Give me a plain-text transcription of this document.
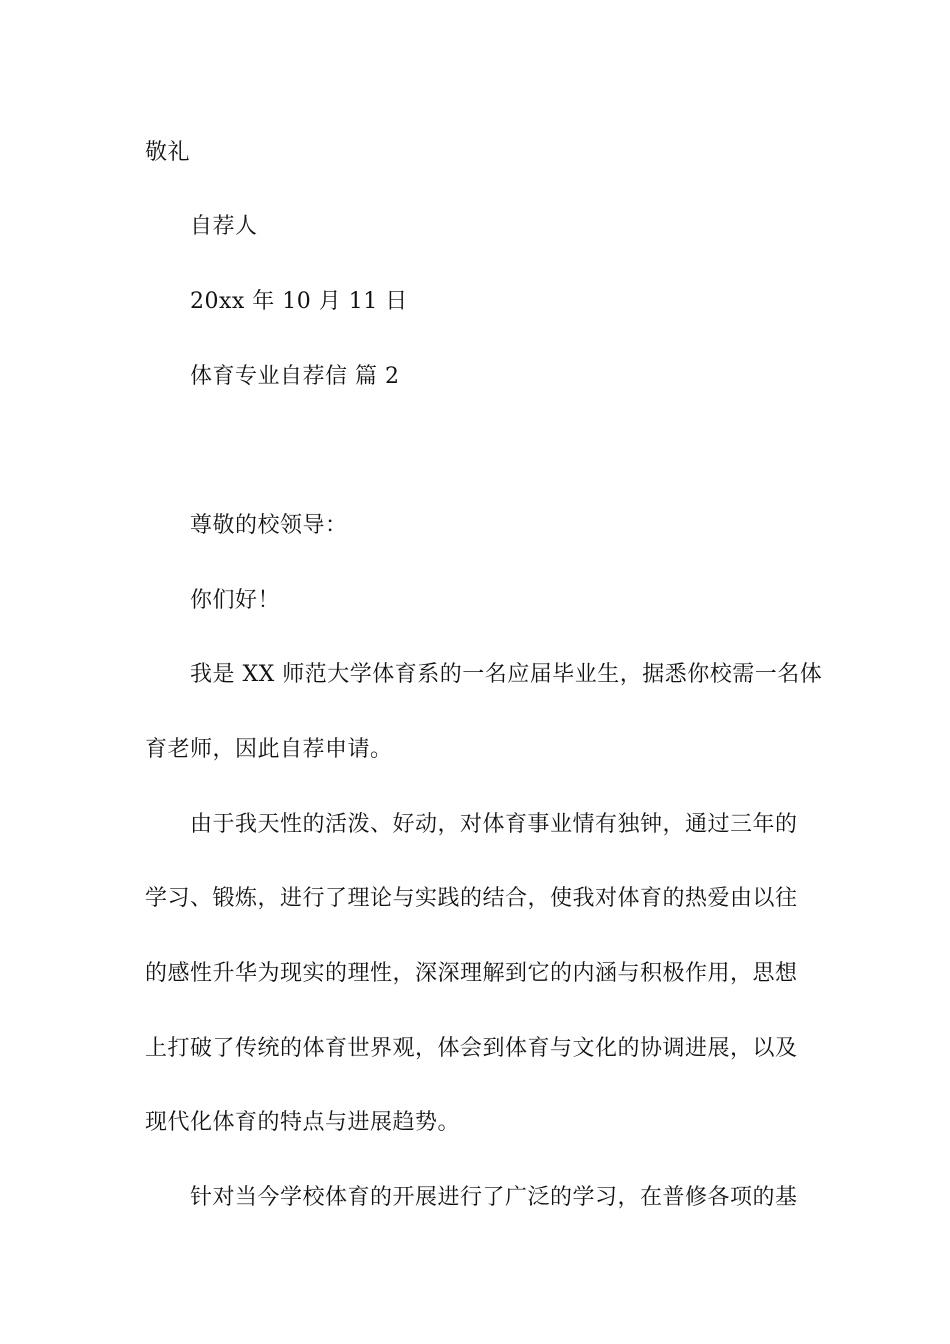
敬礼
自荐人
20xx 年 10 月 11 日
体育专业自荐信 篇 2
尊敬的校领导：
你们好！
我是 XX 师范大学体育系的一名应届毕业生，据悉你校需一名体
育老师，因此自荐申请。
由于我天性的活泼、好动，对体育事业情有独钟，通过三年的
学习、锻炼，进行了理论与实践的结合，使我对体育的热爱由以往
的感性升华为现实的理性，深深理解到它的内涵与积极作用，思想
上打破了传统的体育世界观，体会到体育与文化的协调进展，以及
现代化体育的特点与进展趋势。
针对当今学校体育的开展进行了广泛的学习，在普修各项的基
